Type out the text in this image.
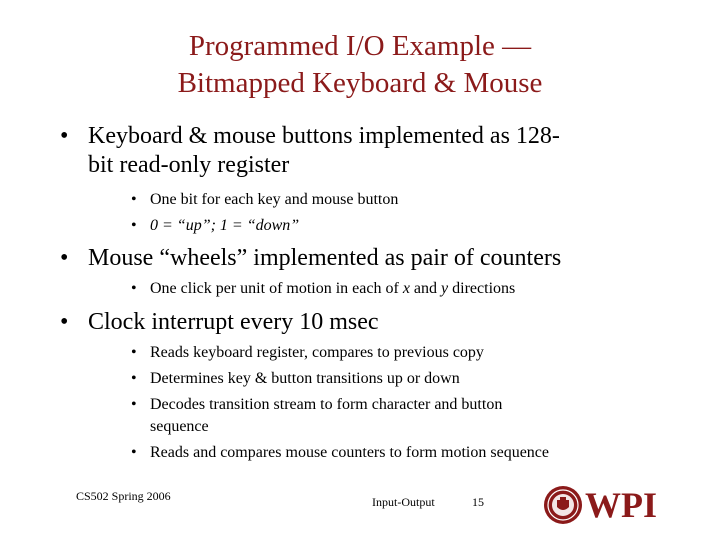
Programmed I/O Example —
Bitmapped Keyboard & Mouse
• Keyboard & mouse buttons implemented as 128-
bit read-only register
• One bit for each key and mouse button
• 0 = “up”; 1 = “down”
• Mouse “wheels” implemented as pair of counters
• One click per unit of motion in each of x and y directions
• Clock interrupt every 10 msec
• Reads keyboard register, compares to previous copy
• Determines key & button transitions up or down
• Decodes transition stream to form character and button
sequence
• Reads and compares mouse counters to form motion sequence
CS502 Spring 2006	Input-Output	15	WPI
